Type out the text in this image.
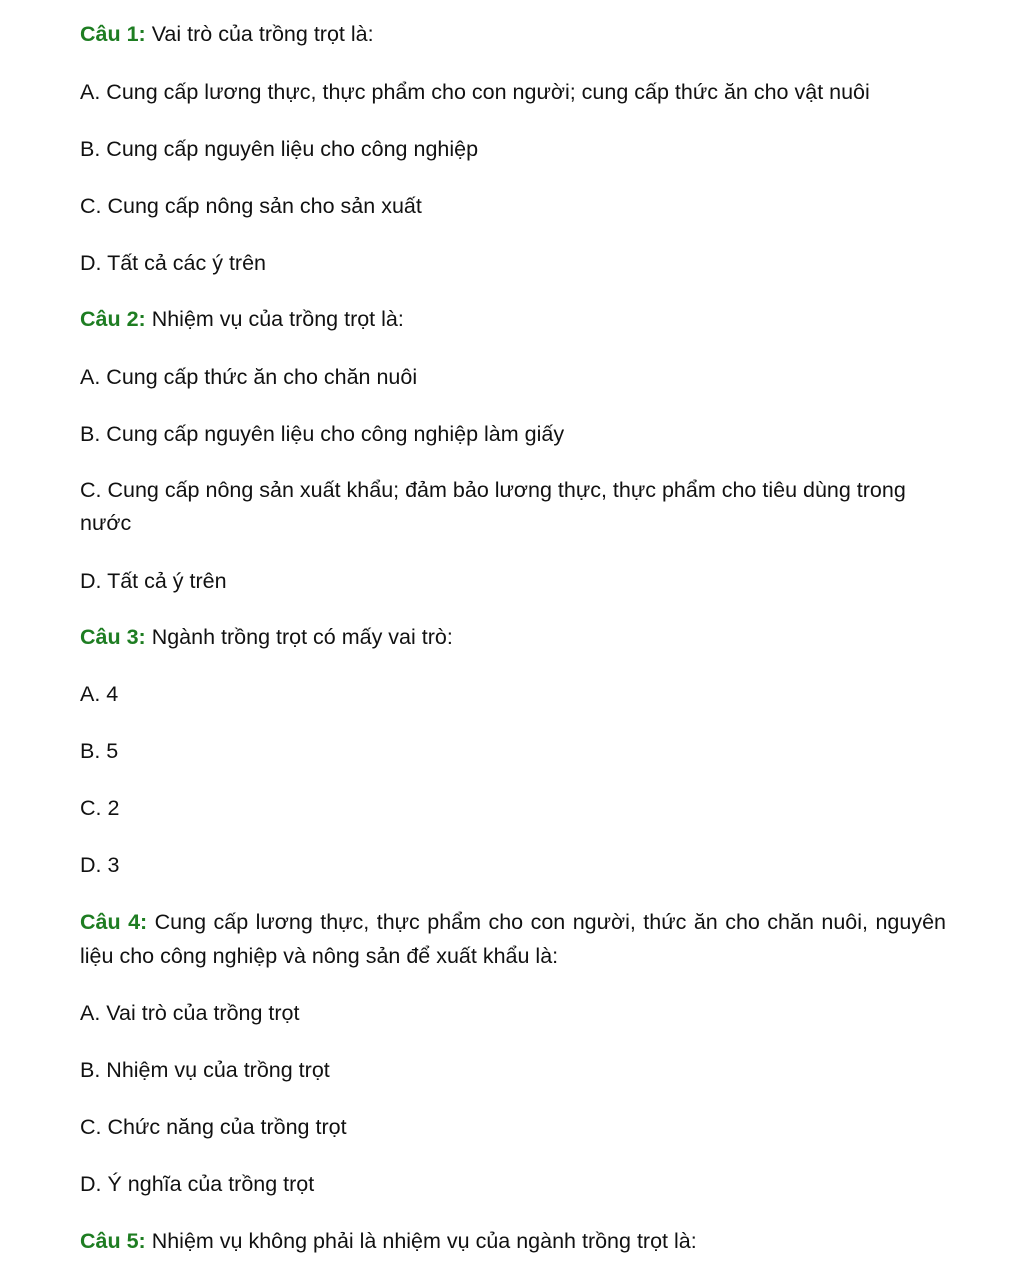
Câu 1: Vai trò của trồng trọt là:
A. Cung cấp lương thực, thực phẩm cho con người; cung cấp thức ăn cho vật nuôi
B. Cung cấp nguyên liệu cho công nghiệp
C. Cung cấp nông sản cho sản xuất
D. Tất cả các ý trên
Câu 2: Nhiệm vụ của trồng trọt là:
A. Cung cấp thức ăn cho chăn nuôi
B. Cung cấp nguyên liệu cho công nghiệp làm giấy
C. Cung cấp nông sản xuất khẩu; đảm bảo lương thực, thực phẩm cho tiêu dùng trong nước
D. Tất cả ý trên
Câu 3: Ngành trồng trọt có mấy vai trò:
A. 4
B. 5
C. 2
D. 3
Câu 4: Cung cấp lương thực, thực phẩm cho con người, thức ăn cho chăn nuôi, nguyên liệu cho công nghiệp và nông sản để xuất khẩu là:
A. Vai trò của trồng trọt
B. Nhiệm vụ của trồng trọt
C. Chức năng của trồng trọt
D. Ý nghĩa của trồng trọt
Câu 5: Nhiệm vụ không phải là nhiệm vụ của ngành trồng trọt là:
